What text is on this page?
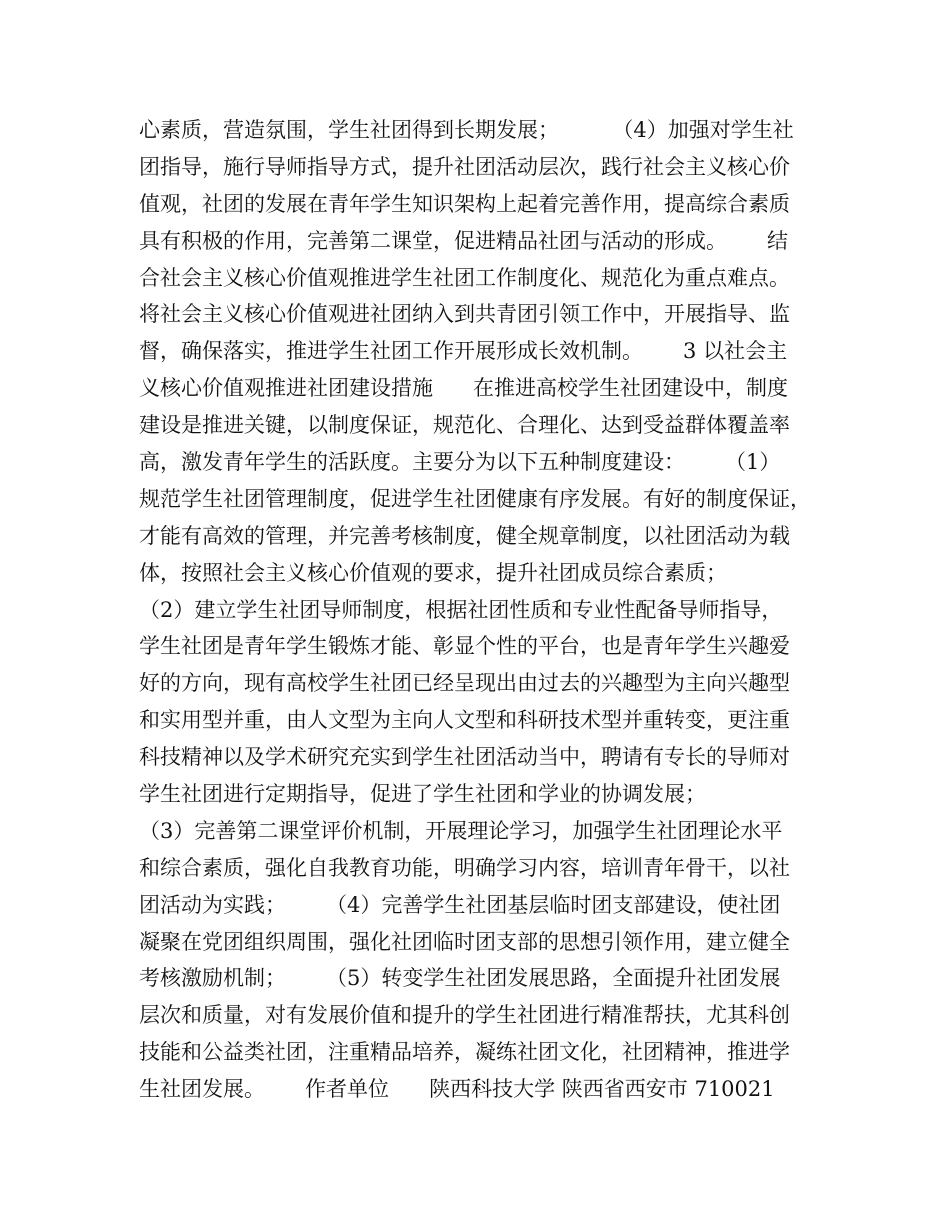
心素质，营造氛围，学生社团得到长期发展；        （4）加强对学生社
团指导，施行导师指导方式，提升社团活动层次，践行社会主义核心价
值观，社团的发展在青年学生知识架构上起着完善作用，提高综合素质
具有积极的作用，完善第二课堂，促进精品社团与活动的形成。      结
合社会主义核心价值观推进学生社团工作制度化、规范化为重点难点。
将社会主义核心价值观进社团纳入到共青团引领工作中，开展指导、监
督，确保落实，推进学生社团工作开展形成长效机制。      3 以社会主
义核心价值观推进社团建设措施      在推进高校学生社团建设中，制度
建设是推进关键，以制度保证，规范化、合理化、达到受益群体覆盖率
高，激发青年学生的活跃度。主要分为以下五种制度建设：      （1）
规范学生社团管理制度，促进学生社团健康有序发展。有好的制度保证，
才能有高效的管理，并完善考核制度，健全规章制度，以社团活动为载
体，按照社会主义核心价值观的要求，提升社团成员综合素质；
（2）建立学生社团导师制度，根据社团性质和专业性配备导师指导，
学生社团是青年学生锻炼才能、彰显个性的平台，也是青年学生兴趣爱
好的方向，现有高校学生社团已经呈现出由过去的兴趣型为主向兴趣型
和实用型并重，由人文型为主向人文型和科研技术型并重转变，更注重
科技精神以及学术研究充实到学生社团活动当中，聘请有专长的导师对
学生社团进行定期指导，促进了学生社团和学业的协调发展；
（3）完善第二课堂评价机制，开展理论学习，加强学生社团理论水平
和综合素质，强化自我教育功能，明确学习内容，培训青年骨干，以社
团活动为实践；      （4）完善学生社团基层临时团支部建设，使社团
凝聚在党团组织周围，强化社团临时团支部的思想引领作用，建立健全
考核激励机制；      （5）转变学生社团发展思路，全面提升社团发展
层次和质量，对有发展价值和提升的学生社团进行精准帮扶，尤其科创
技能和公益类社团，注重精品培养，凝练社团文化，社团精神，推进学
生社团发展。      作者单位      陕西科技大学 陕西省西安市 710021
